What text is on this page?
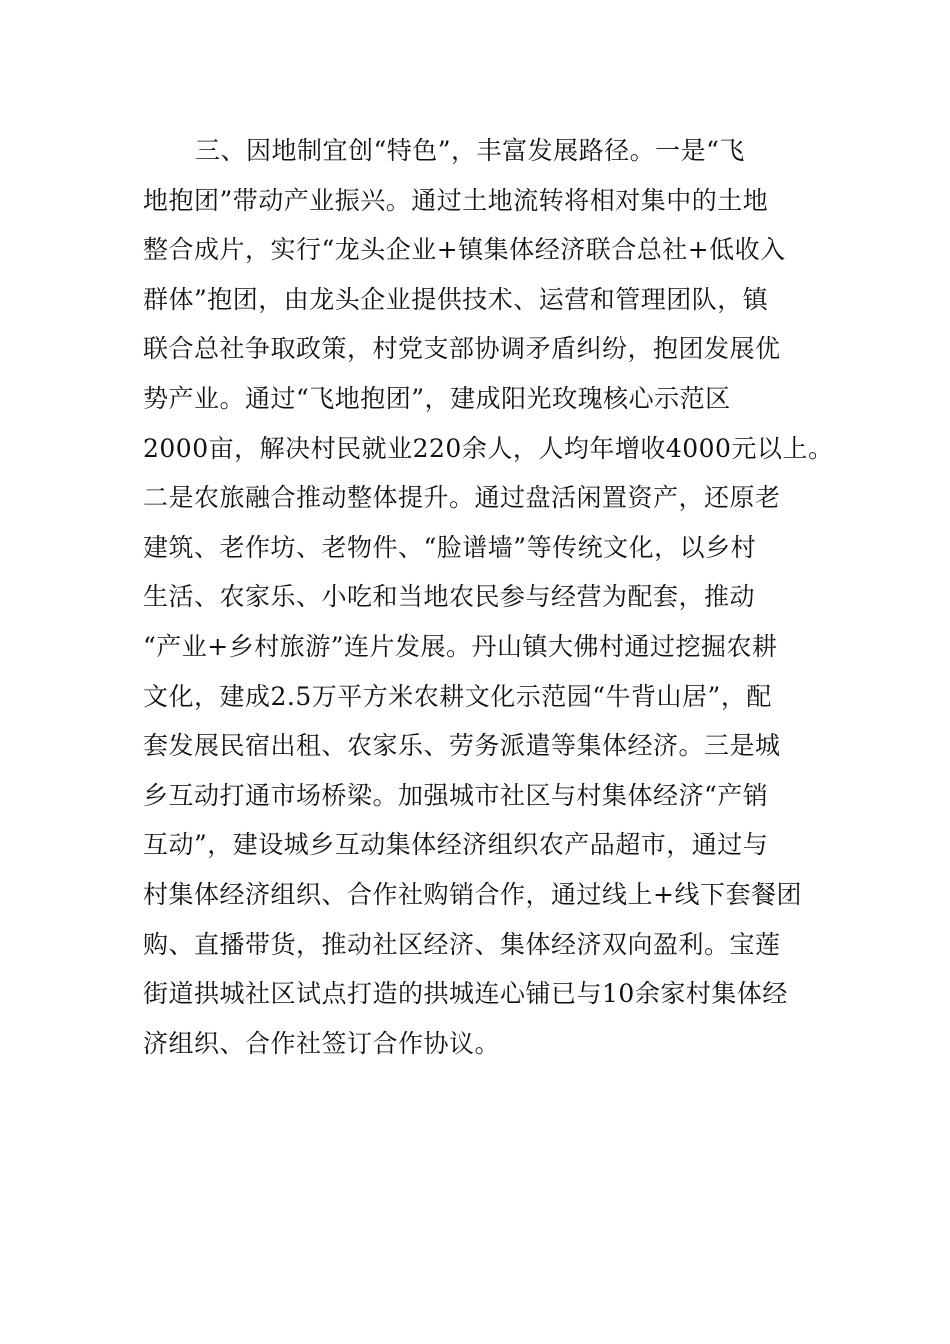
三、因地制宜创“特色”，丰富发展路径。一是“飞
地抱团”带动产业振兴。通过土地流转将相对集中的土地
整合成片，实行“龙头企业+镇集体经济联合总社+低收入
群体”抱团，由龙头企业提供技术、运营和管理团队，镇
联合总社争取政策，村党支部协调矛盾纠纷，抱团发展优
势产业。通过“飞地抱团”，建成阳光玫瑰核心示范区
2000亩，解决村民就业220余人，人均年增收4000元以上。
二是农旅融合推动整体提升。通过盘活闲置资产，还原老
建筑、老作坊、老物件、“脸谱墙”等传统文化，以乡村
生活、农家乐、小吃和当地农民参与经营为配套，推动
“产业+乡村旅游”连片发展。丹山镇大佛村通过挖掘农耕
文化，建成2.5万平方米农耕文化示范园“牛背山居”，配
套发展民宿出租、农家乐、劳务派遣等集体经济。三是城
乡互动打通市场桥梁。加强城市社区与村集体经济“产销
互动”，建设城乡互动集体经济组织农产品超市，通过与
村集体经济组织、合作社购销合作，通过线上+线下套餐团
购、直播带货，推动社区经济、集体经济双向盈利。宝莲
街道拱城社区试点打造的拱城连心铺已与10余家村集体经
济组织、合作社签订合作协议。
